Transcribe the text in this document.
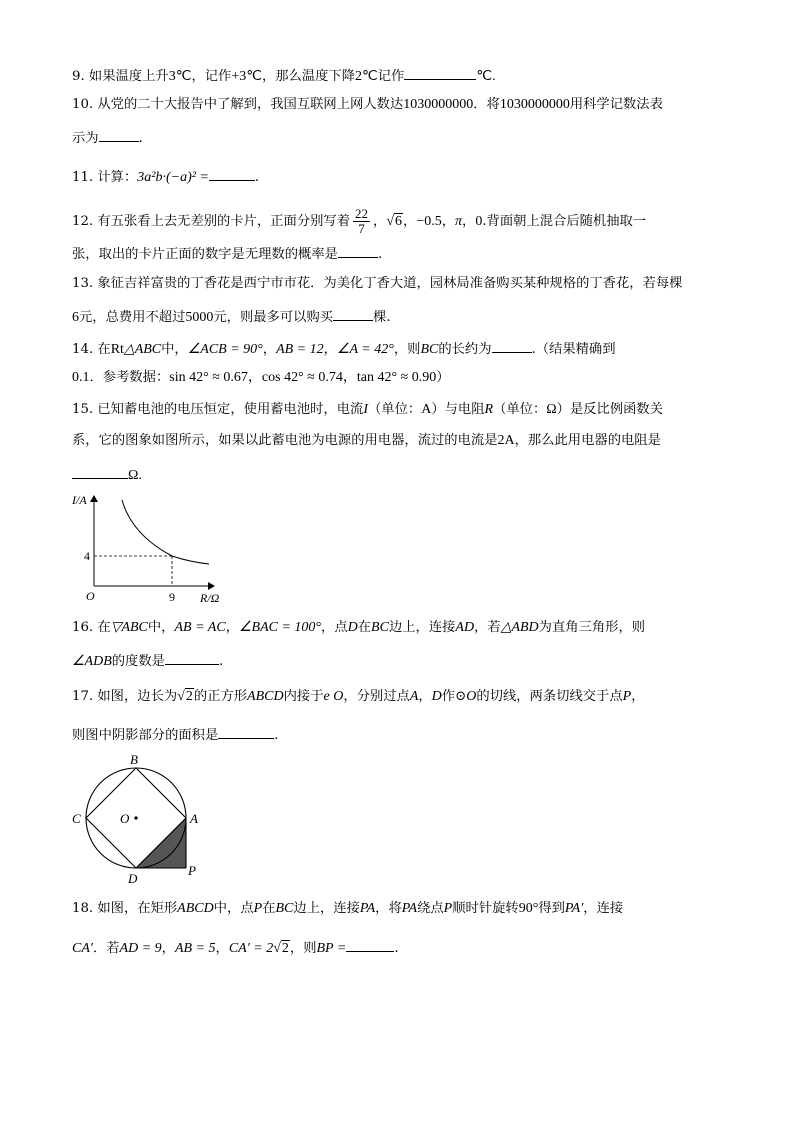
9. 如果温度上升3℃，记作+3℃，那么温度下降2℃记作	℃.
10. 从党的二十大报告中了解到，我国互联网上网人数达1030000000．将1030000000用科学记数法表
示为	.
11. 计算：3a²b·(−a)² =	.
12. 有五张看上去无差别的卡片，正面分别写着 $\frac{22}{7}$ ，√6，−0.5，π，0.背面朝上混合后随机抽取一
张，取出的卡片正面的数字是无理数的概率是	.
13. 象征吉祥富贵的丁香花是西宁市市花．为美化丁香大道，园林局准备购买某种规格的丁香花，若每棵
6元，总费用不超过5000元，则最多可以购买	棵.
14. 在Rt△ABC中，∠ACB = 90°，AB = 12，∠A = 42°，则BC的长约为	.（结果精确到
0.1．参考数据：sin 42° ≈ 0.67，cos 42° ≈ 0.74，tan 42° ≈ 0.90）
15. 已知蓄电池的电压恒定，使用蓄电池时，电流I（单位：A）与电阻R（单位：Ω）是反比例函数关
系，它的图象如图所示，如果以此蓄电池为电源的用电器，流过的电流是2A，那么此用电器的电阻是
Ω.
I/A
R/Ω
O
4
9
16. 在▽ABC中，AB = AC，∠BAC = 100°，点D在BC边上，连接AD，若△ABD为直角三角形，则
∠ADB的度数是	.
17. 如图，边长为√2的正方形ABCD内接于e O，分别过点A，D作⊙O的切线，两条切线交于点P，
则图中阴影部分的面积是	.
B
C	O	A
D
P
18. 如图，在矩形ABCD中，点P在BC边上，连接PA，将PA绕点P顺时针旋转90°得到PA′，连接
CA′．若AD = 9，AB = 5，CA′ = 2√2，则BP =	.
